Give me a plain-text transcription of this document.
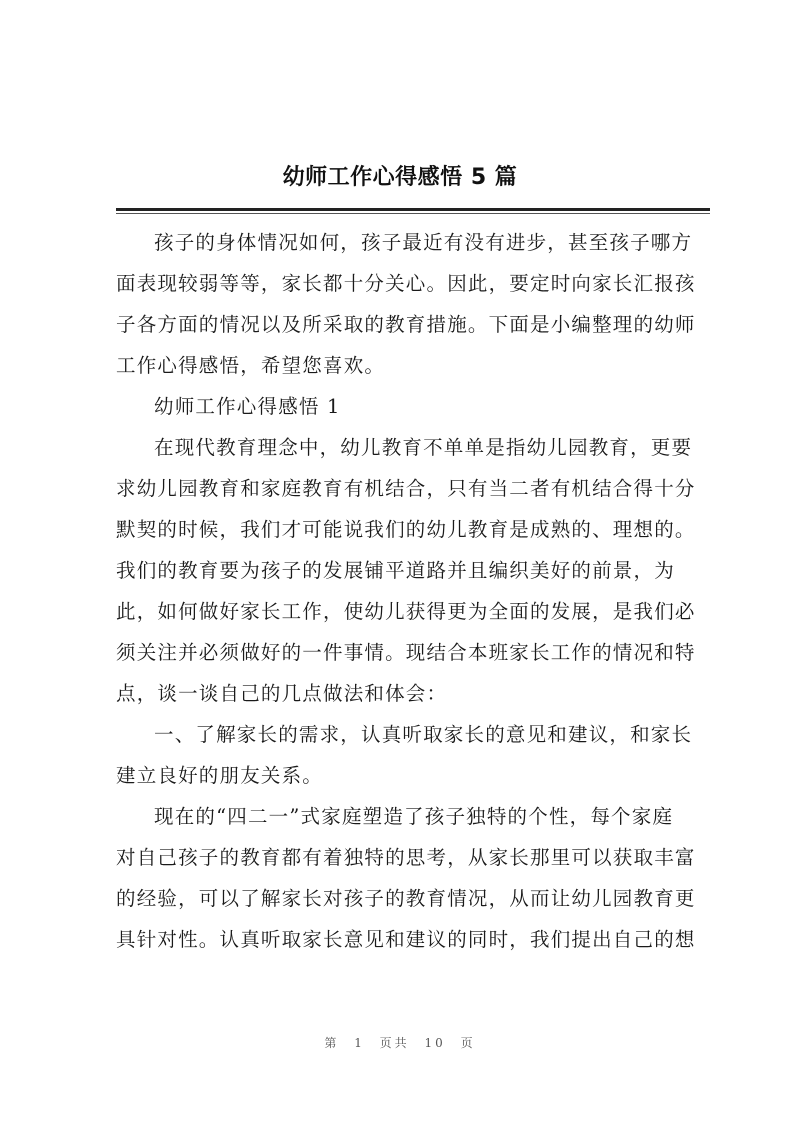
幼师工作心得感悟 5 篇
孩子的身体情况如何，孩子最近有没有进步，甚至孩子哪方
面表现较弱等等，家长都十分关心。因此，要定时向家长汇报孩
子各方面的情况以及所采取的教育措施。下面是小编整理的幼师
工作心得感悟，希望您喜欢。
幼师工作心得感悟 1
在现代教育理念中，幼儿教育不单单是指幼儿园教育，更要
求幼儿园教育和家庭教育有机结合，只有当二者有机结合得十分
默契的时候，我们才可能说我们的幼儿教育是成熟的、理想的。
我们的教育要为孩子的发展铺平道路并且编织美好的前景，为
此，如何做好家长工作，使幼儿获得更为全面的发展，是我们必
须关注并必须做好的一件事情。现结合本班家长工作的情况和特
点，谈一谈自己的几点做法和体会：
一、了解家长的需求，认真听取家长的意见和建议，和家长
建立良好的朋友关系。
现在的“四二一”式家庭塑造了孩子独特的个性，每个家庭
对自己孩子的教育都有着独特的思考，从家长那里可以获取丰富
的经验，可以了解家长对孩子的教育情况，从而让幼儿园教育更
具针对性。认真听取家长意见和建议的同时，我们提出自己的想
第 1 页共 10 页
